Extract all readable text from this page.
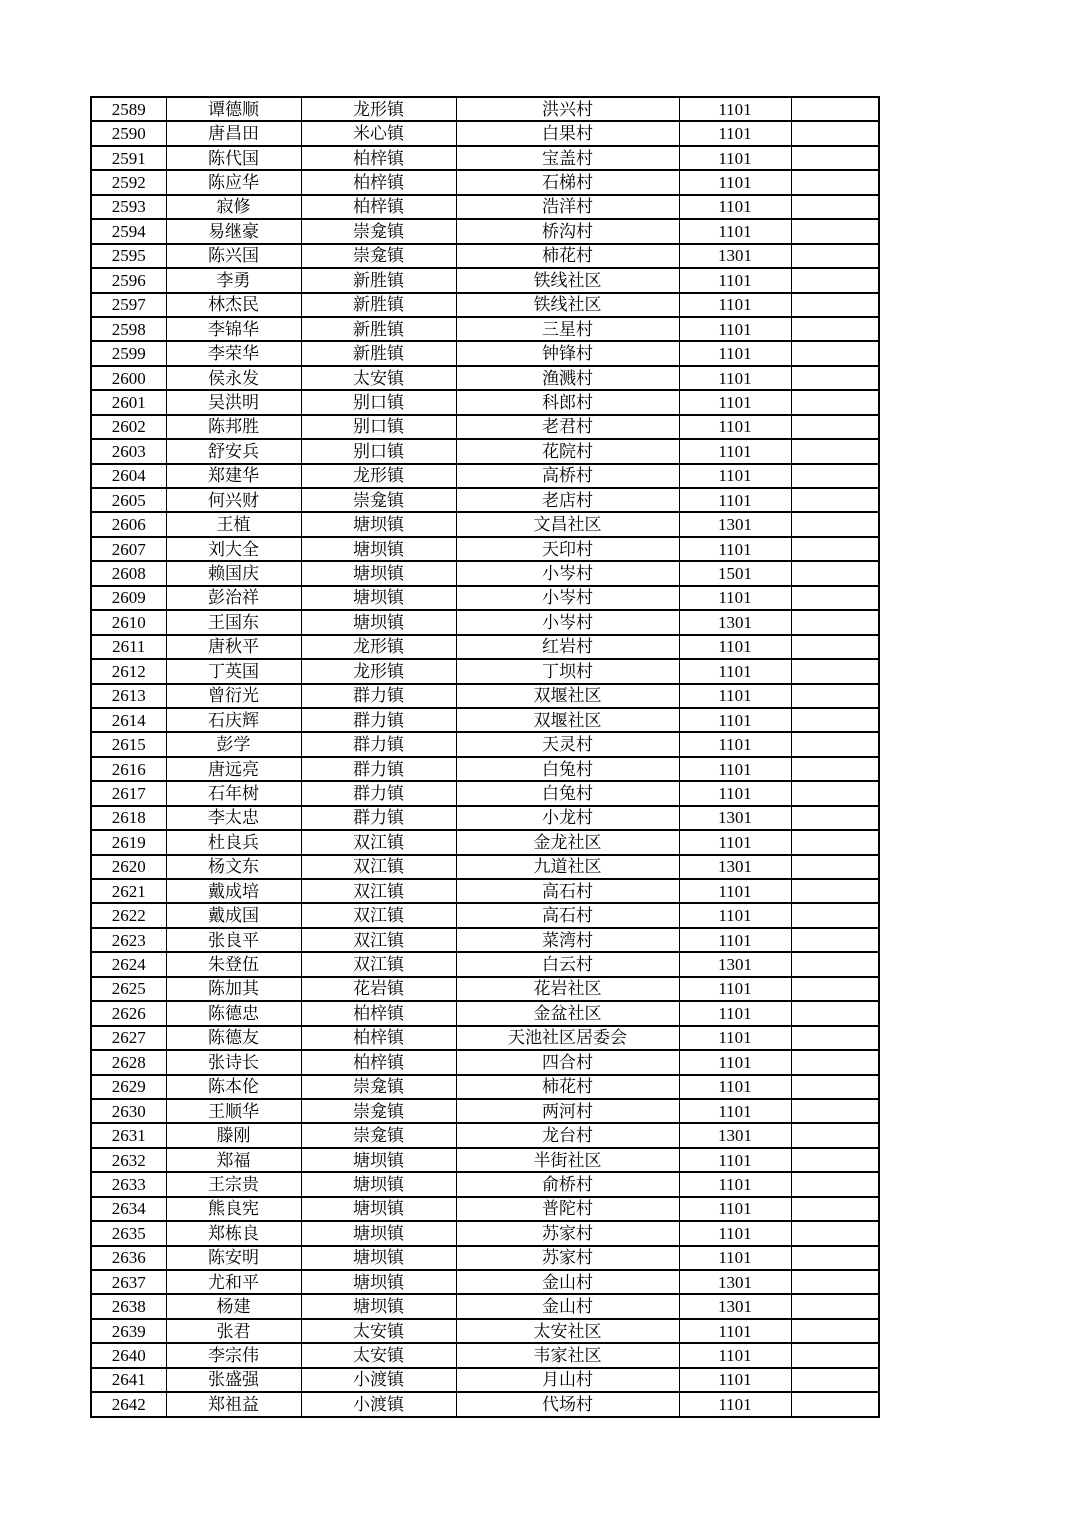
2589	谭德顺	龙形镇	洪兴村	1101	
2590	唐昌田	米心镇	白果村	1101	
2591	陈代国	柏梓镇	宝盖村	1101	
2592	陈应华	柏梓镇	石梯村	1101	
2593	寂修	柏梓镇	浩洋村	1101	
2594	易继豪	崇龛镇	桥沟村	1101	
2595	陈兴国	崇龛镇	柿花村	1301	
2596	李勇	新胜镇	铁线社区	1101	
2597	林杰民	新胜镇	铁线社区	1101	
2598	李锦华	新胜镇	三星村	1101	
2599	李荣华	新胜镇	钟锋村	1101	
2600	侯永发	太安镇	渔溅村	1101	
2601	吴洪明	别口镇	科郎村	1101	
2602	陈邦胜	别口镇	老君村	1101	
2603	舒安兵	别口镇	花院村	1101	
2604	郑建华	龙形镇	高桥村	1101	
2605	何兴财	崇龛镇	老店村	1101	
2606	王植	塘坝镇	文昌社区	1301	
2607	刘大全	塘坝镇	天印村	1101	
2608	赖国庆	塘坝镇	小岑村	1501	
2609	彭治祥	塘坝镇	小岑村	1101	
2610	王国东	塘坝镇	小岑村	1301	
2611	唐秋平	龙形镇	红岩村	1101	
2612	丁英国	龙形镇	丁坝村	1101	
2613	曾衍光	群力镇	双堰社区	1101	
2614	石庆辉	群力镇	双堰社区	1101	
2615	彭学	群力镇	天灵村	1101	
2616	唐远亮	群力镇	白兔村	1101	
2617	石年树	群力镇	白兔村	1101	
2618	李太忠	群力镇	小龙村	1301	
2619	杜良兵	双江镇	金龙社区	1101	
2620	杨文东	双江镇	九道社区	1301	
2621	戴成培	双江镇	高石村	1101	
2622	戴成国	双江镇	高石村	1101	
2623	张良平	双江镇	菜湾村	1101	
2624	朱登伍	双江镇	白云村	1301	
2625	陈加其	花岩镇	花岩社区	1101	
2626	陈德忠	柏梓镇	金盆社区	1101	
2627	陈德友	柏梓镇	天池社区居委会	1101	
2628	张诗长	柏梓镇	四合村	1101	
2629	陈本伦	崇龛镇	柿花村	1101	
2630	王顺华	崇龛镇	两河村	1101	
2631	滕刚	崇龛镇	龙台村	1301	
2632	郑福	塘坝镇	半街社区	1101	
2633	王宗贵	塘坝镇	俞桥村	1101	
2634	熊良宪	塘坝镇	普陀村	1101	
2635	郑栋良	塘坝镇	苏家村	1101	
2636	陈安明	塘坝镇	苏家村	1101	
2637	尤和平	塘坝镇	金山村	1301	
2638	杨建	塘坝镇	金山村	1301	
2639	张君	太安镇	太安社区	1101	
2640	李宗伟	太安镇	韦家社区	1101	
2641	张盛强	小渡镇	月山村	1101	
2642	郑祖益	小渡镇	代场村	1101	
